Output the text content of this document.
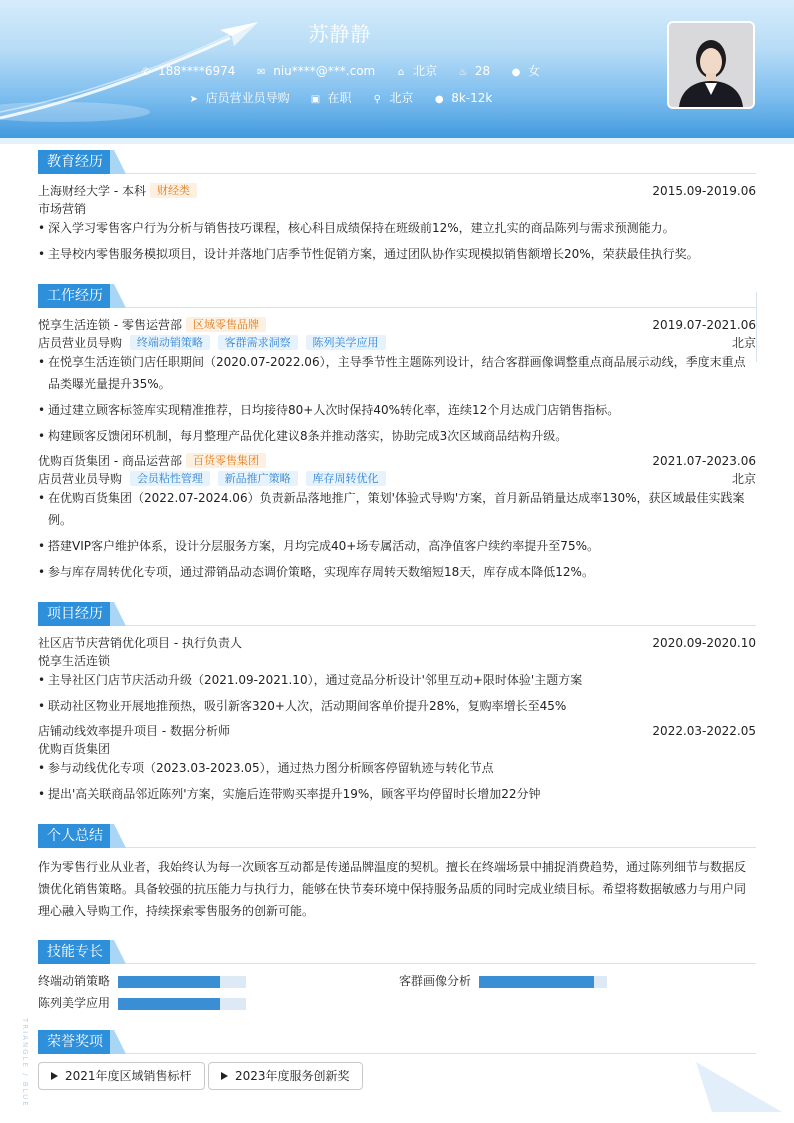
苏静静
✆ 188****6974 ✉ niu****@***.com ⌂ 北京 ♨ 28 ● 女
➤ 店员营业员导购 ▣ 在职 ⚲ 北京 ● 8k-12k
教育经历
上海财经大学 - 本科 财经类	2015.09-2019.06
市场营销
• 深入学习零售客户行为分析与销售技巧课程，核心科目成绩保持在班级前12%，建立扎实的商品陈列与需求预测能力。
• 主导校内零售服务模拟项目，设计并落地门店季节性促销方案，通过团队协作实现模拟销售额增长20%，荣获最佳执行奖。
工作经历
悦享生活连锁 - 零售运营部 区域零售品牌	2019.07-2021.06
店员营业员导购 终端动销策略 客群需求洞察 陈列美学应用	北京
• 在悦享生活连锁门店任职期间（2020.07-2022.06），主导季节性主题陈列设计，结合客群画像调整重点商品展示动线，季度末重点
品类曝光量提升35%。
• 通过建立顾客标签库实现精准推荐，日均接待80+人次时保持40%转化率，连续12个月达成门店销售指标。
• 构建顾客反馈闭环机制，每月整理产品优化建议8条并推动落实，协助完成3次区域商品结构升级。
优购百货集团 - 商品运营部 百货零售集团	2021.07-2023.06
店员营业员导购 会员粘性管理 新品推广策略 库存周转优化	北京
• 在优购百货集团（2022.07-2024.06）负责新品落地推广，策划'体验式导购'方案，首月新品销量达成率130%，获区域最佳实践案
例。
• 搭建VIP客户维护体系，设计分层服务方案，月均完成40+场专属活动，高净值客户续约率提升至75%。
• 参与库存周转优化专项，通过滞销品动态调价策略，实现库存周转天数缩短18天，库存成本降低12%。
项目经历
社区店节庆营销优化项目 - 执行负责人	2020.09-2020.10
悦享生活连锁
• 主导社区门店节庆活动升级（2021.09-2021.10），通过竞品分析设计'邻里互动+限时体验'主题方案
• 联动社区物业开展地推预热，吸引新客320+人次，活动期间客单价提升28%，复购率增长至45%
店铺动线效率提升项目 - 数据分析师	2022.03-2022.05
优购百货集团
• 参与动线优化专项（2023.03-2023.05），通过热力图分析顾客停留轨迹与转化节点
• 提出'高关联商品邻近陈列'方案，实施后连带购买率提升19%，顾客平均停留时长增加22分钟
个人总结
作为零售行业从业者，我始终认为每一次顾客互动都是传递品牌温度的契机。擅长在终端场景中捕捉消费趋势，通过陈列细节与数据反馈优化销售策略。具备较强的抗压能力与执行力，能够在快节奏环境中保持服务品质的同时完成业绩目标。希望将数据敏感力与用户同理心融入导购工作，持续探索零售服务的创新可能。
技能专长
终端动销策略	客群画像分析
陈列美学应用
荣誉奖项
2021年度区域销售标杆	2023年度服务创新奖
TRIANGLE / BLUE
